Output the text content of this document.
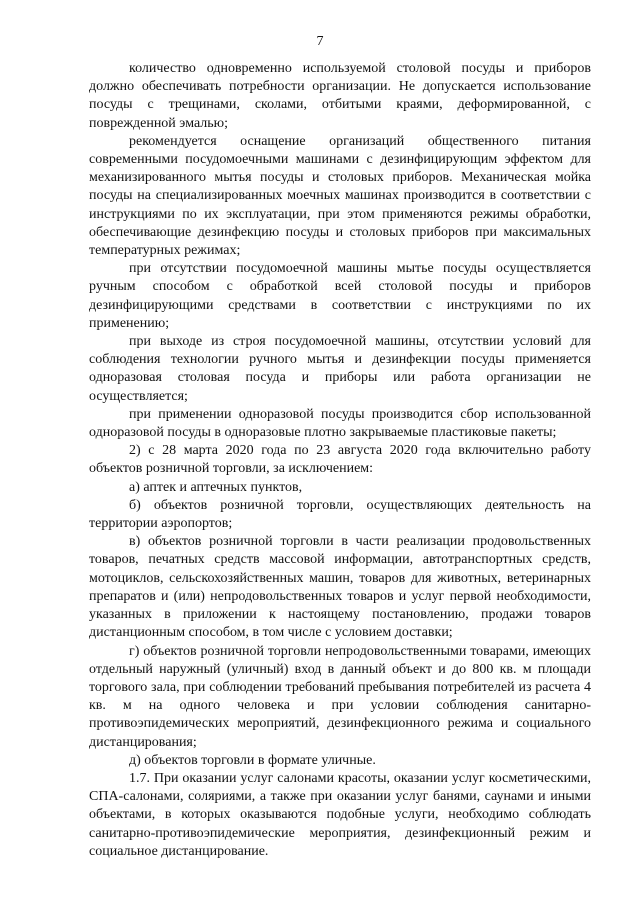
7

количество одновременно используемой столовой посуды и приборов должно обеспечивать потребности организации. Не допускается использование посуды с трещинами, сколами, отбитыми краями, деформированной, с поврежденной эмалью;

рекомендуется оснащение организаций общественного питания современными посудомоечными машинами с дезинфицирующим эффектом для механизированного мытья посуды и столовых приборов. Механическая мойка посуды на специализированных моечных машинах производится в соответствии с инструкциями по их эксплуатации, при этом применяются режимы обработки, обеспечивающие дезинфекцию посуды и столовых приборов при максимальных температурных режимах;

при отсутствии посудомоечной машины мытье посуды осуществляется ручным способом с обработкой всей столовой посуды и приборов дезинфицирующими средствами в соответствии с инструкциями по их применению;

при выходе из строя посудомоечной машины, отсутствии условий для соблюдения технологии ручного мытья и дезинфекции посуды применяется одноразовая столовая посуда и приборы или работа организации не осуществляется;

при применении одноразовой посуды производится сбор использованной одноразовой посуды в одноразовые плотно закрываемые пластиковые пакеты;

2) с 28 марта 2020 года по 23 августа 2020 года включительно работу объектов розничной торговли, за исключением:

а) аптек и аптечных пунктов,

б) объектов розничной торговли, осуществляющих деятельность на территории аэропортов;

в) объектов розничной торговли в части реализации продовольственных товаров, печатных средств массовой информации, автотранспортных средств, мотоциклов, сельскохозяйственных машин, товаров для животных, ветеринарных препаратов и (или) непродовольственных товаров и услуг первой необходимости, указанных в приложении к настоящему постановлению, продажи товаров дистанционным способом, в том числе с условием доставки;

г) объектов розничной торговли непродовольственными товарами, имеющих отдельный наружный (уличный) вход в данный объект и до 800 кв. м площади торгового зала, при соблюдении требований пребывания потребителей из расчета 4 кв. м на одного человека и при условии соблюдения санитарно-противоэпидемических мероприятий, дезинфекционного режима и социального дистанцирования;

д) объектов торговли в формате уличные.

1.7. При оказании услуг салонами красоты, оказании услуг косметическими, СПА-салонами, соляриями, а также при оказании услуг банями, саунами и иными объектами, в которых оказываются подобные услуги, необходимо соблюдать санитарно-противоэпидемические мероприятия, дезинфекционный режим и социальное дистанцирование.
